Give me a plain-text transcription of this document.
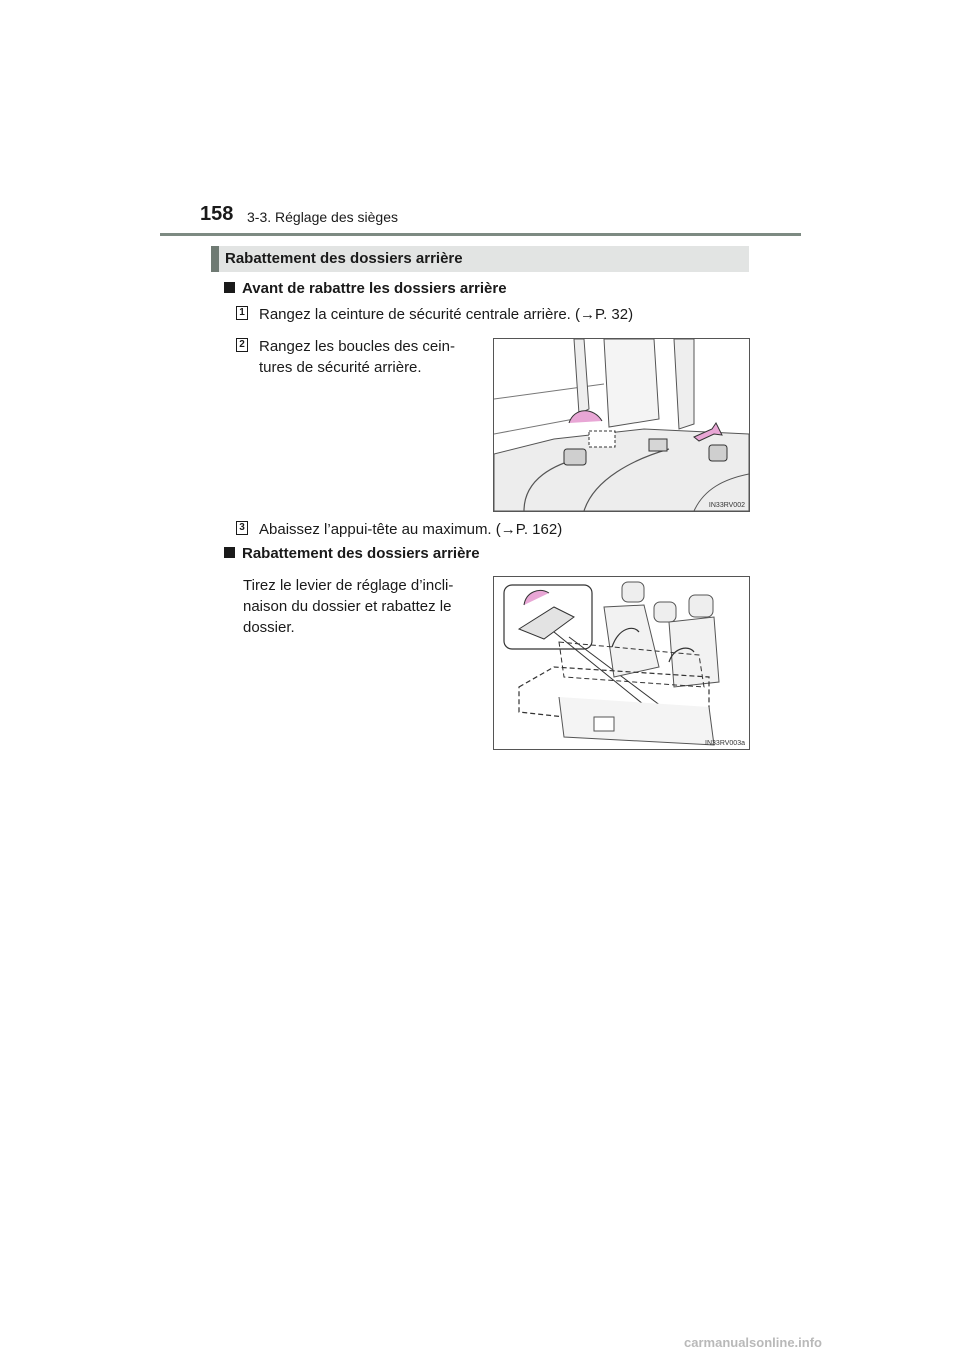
158 3-3. Réglage des sièges
Rabattement des dossiers arrière
Avant de rabattre les dossiers arrière
1 Rangez la ceinture de sécurité centrale arrière. (→P. 32)
2 Rangez les boucles des cein-
tures de sécurité arrière.
IN33RV002
3 Abaissez l’appui-tête au maximum. (→P. 162)
Rabattement des dossiers arrière
Tirez le levier de réglage d’incli-
naison du dossier et rabattez le
dossier.
IN33RV003a
carmanualsonline.info
